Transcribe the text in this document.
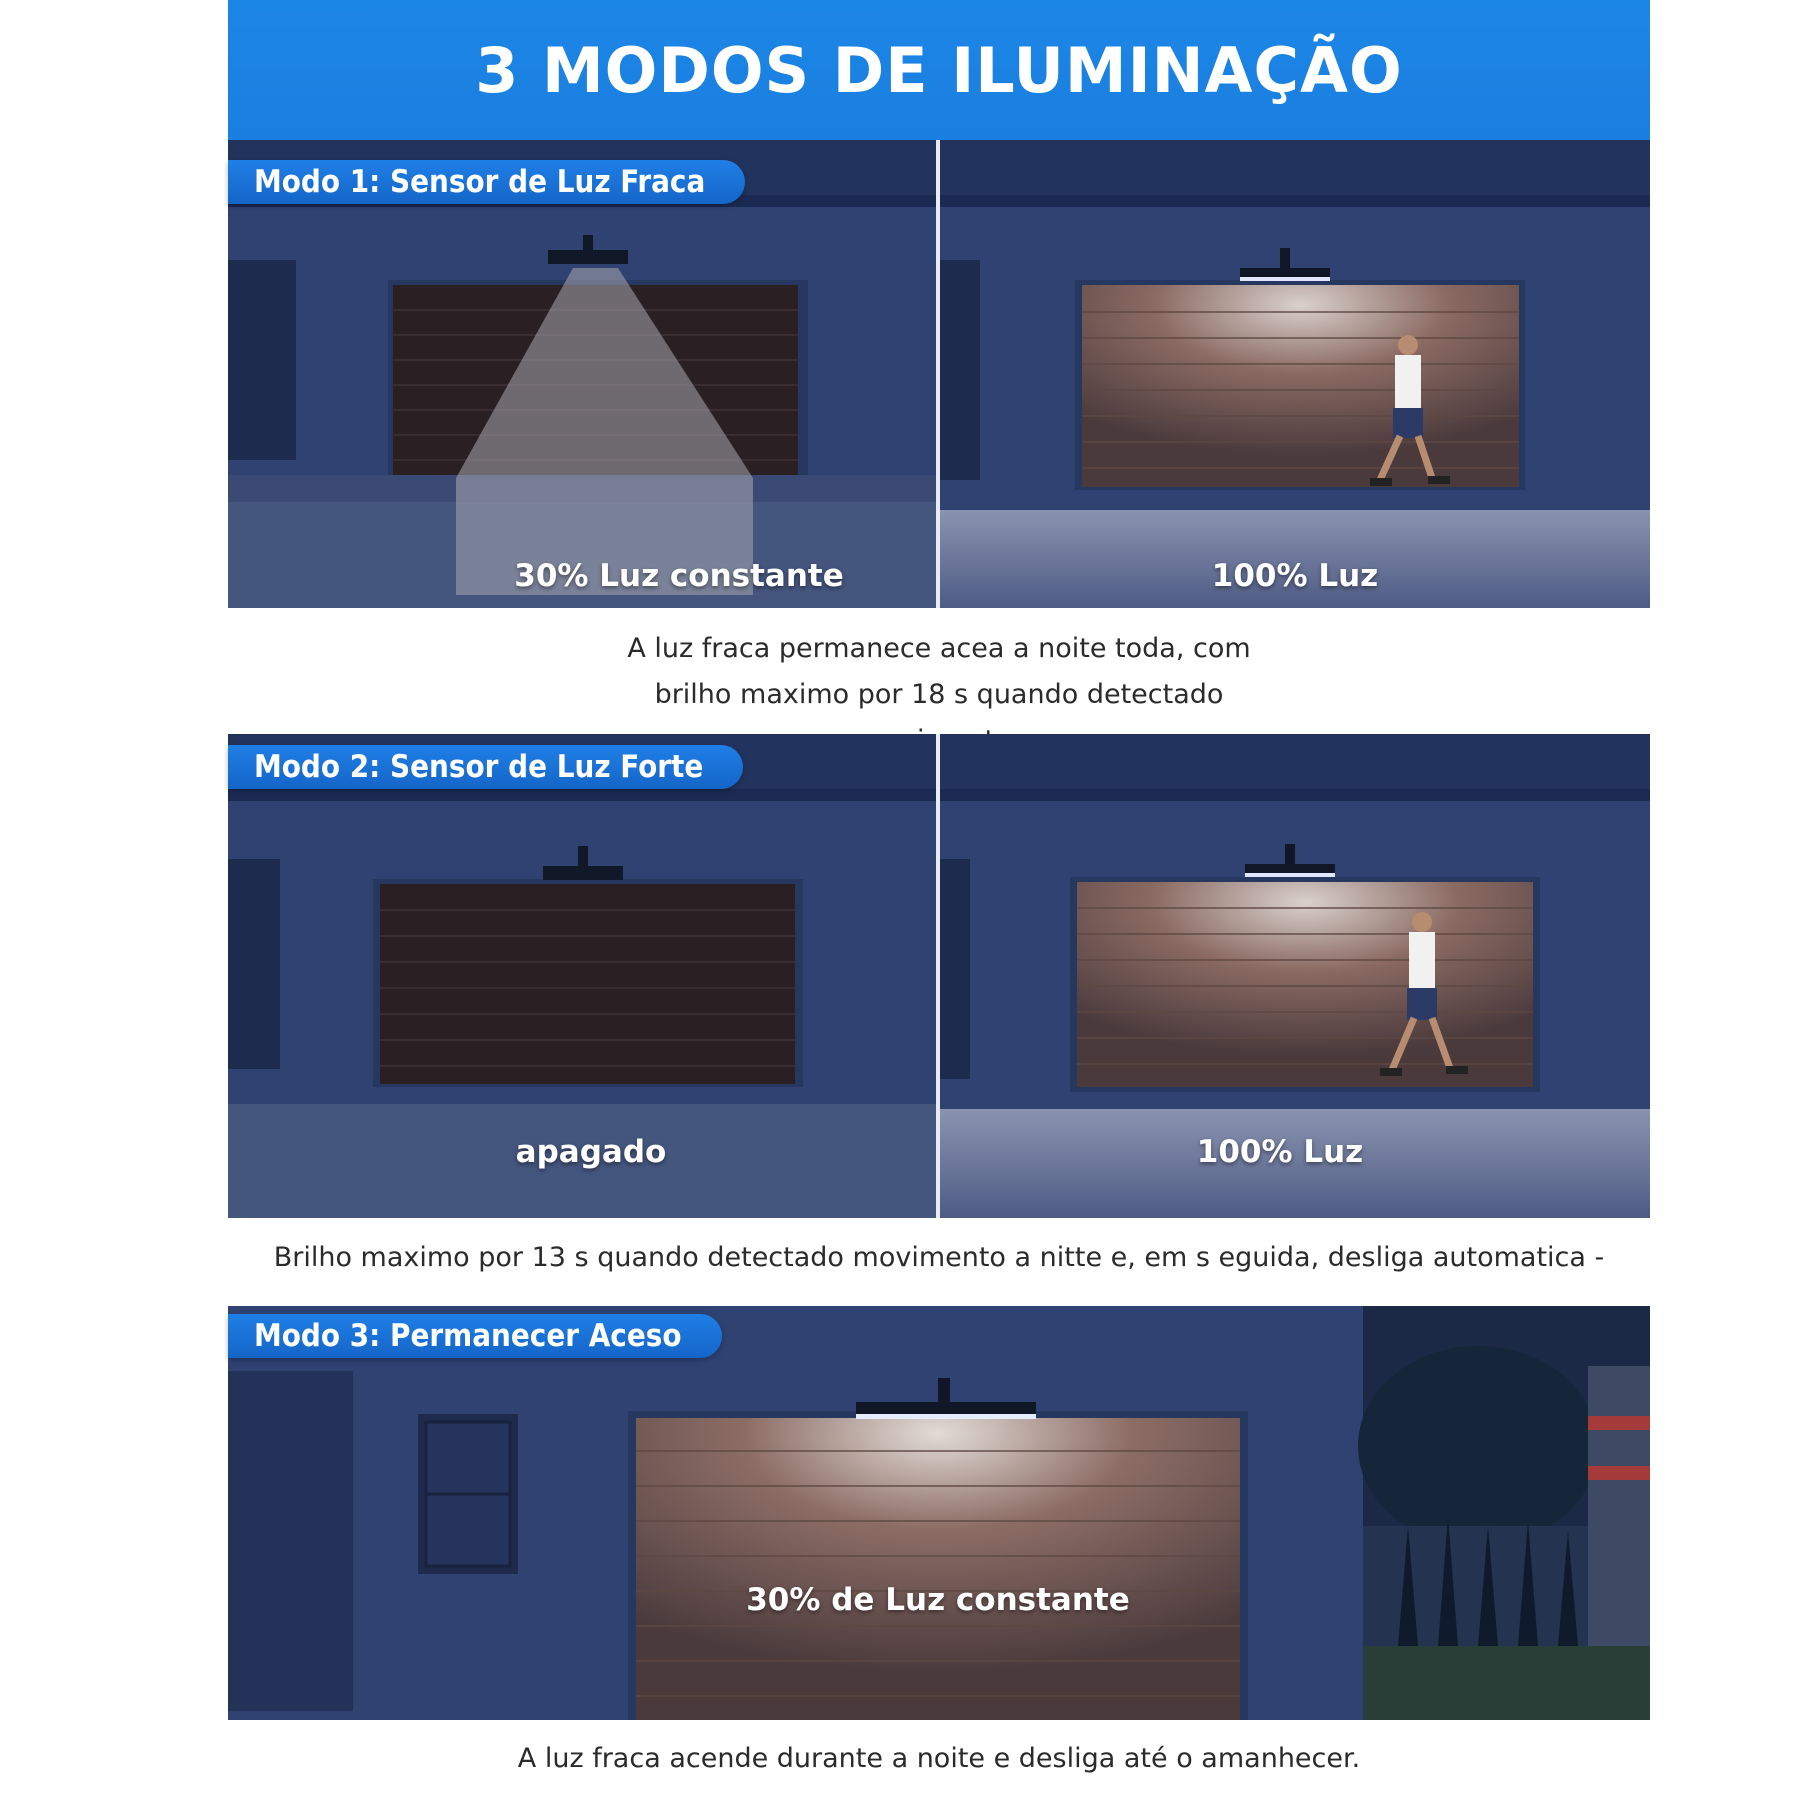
3 MODOS DE ILUMINAÇÃO
Modo 1: Sensor de Luz Fraca
30% Luz constante	100% Luz
A luz fraca permanece acea a noite toda, com brilho maximo por 18 s quando detectado
Modo 2: Sensor de Luz Forte
apagado	100% Luz
Brilho maximo por 13 s quando detectado movimento a nitte e, em s eguida, desliga automatica -
Modo 3: Permanecer Aceso
30% de Luz constante
A luz fraca acende durante a noite e desliga até o amanhecer.
